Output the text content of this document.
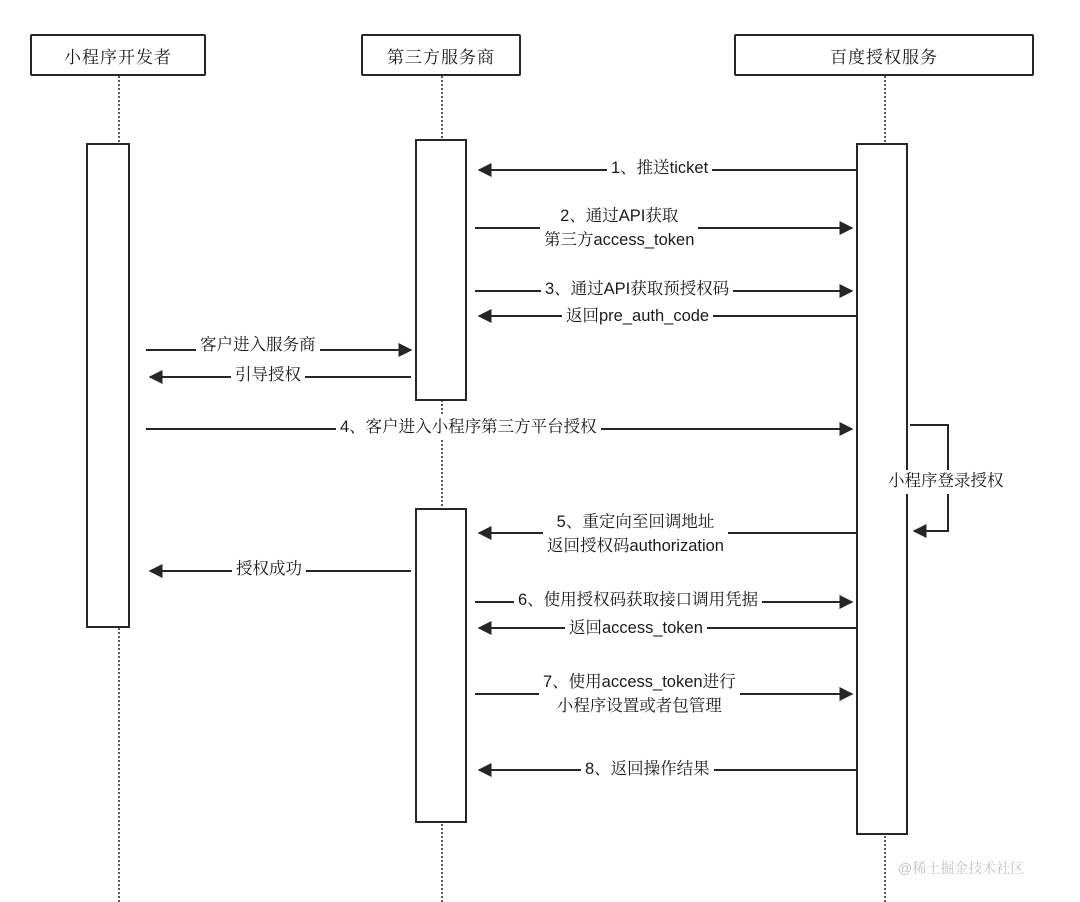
小程序开发者	第三方服务商	百度授权服务
1、推送ticket
2、通过API获取
第三方access_token
3、通过API获取预授权码
返回pre_auth_code
客户进入服务商
引导授权
4、客户进入小程序第三方平台授权
小程序登录授权
5、重定向至回调地址
返回授权码authorization
授权成功
6、使用授权码获取接口调用凭据
返回access_token
7、使用access_token进行
小程序设置或者包管理
8、返回操作结果
@稀土掘金技术社区
